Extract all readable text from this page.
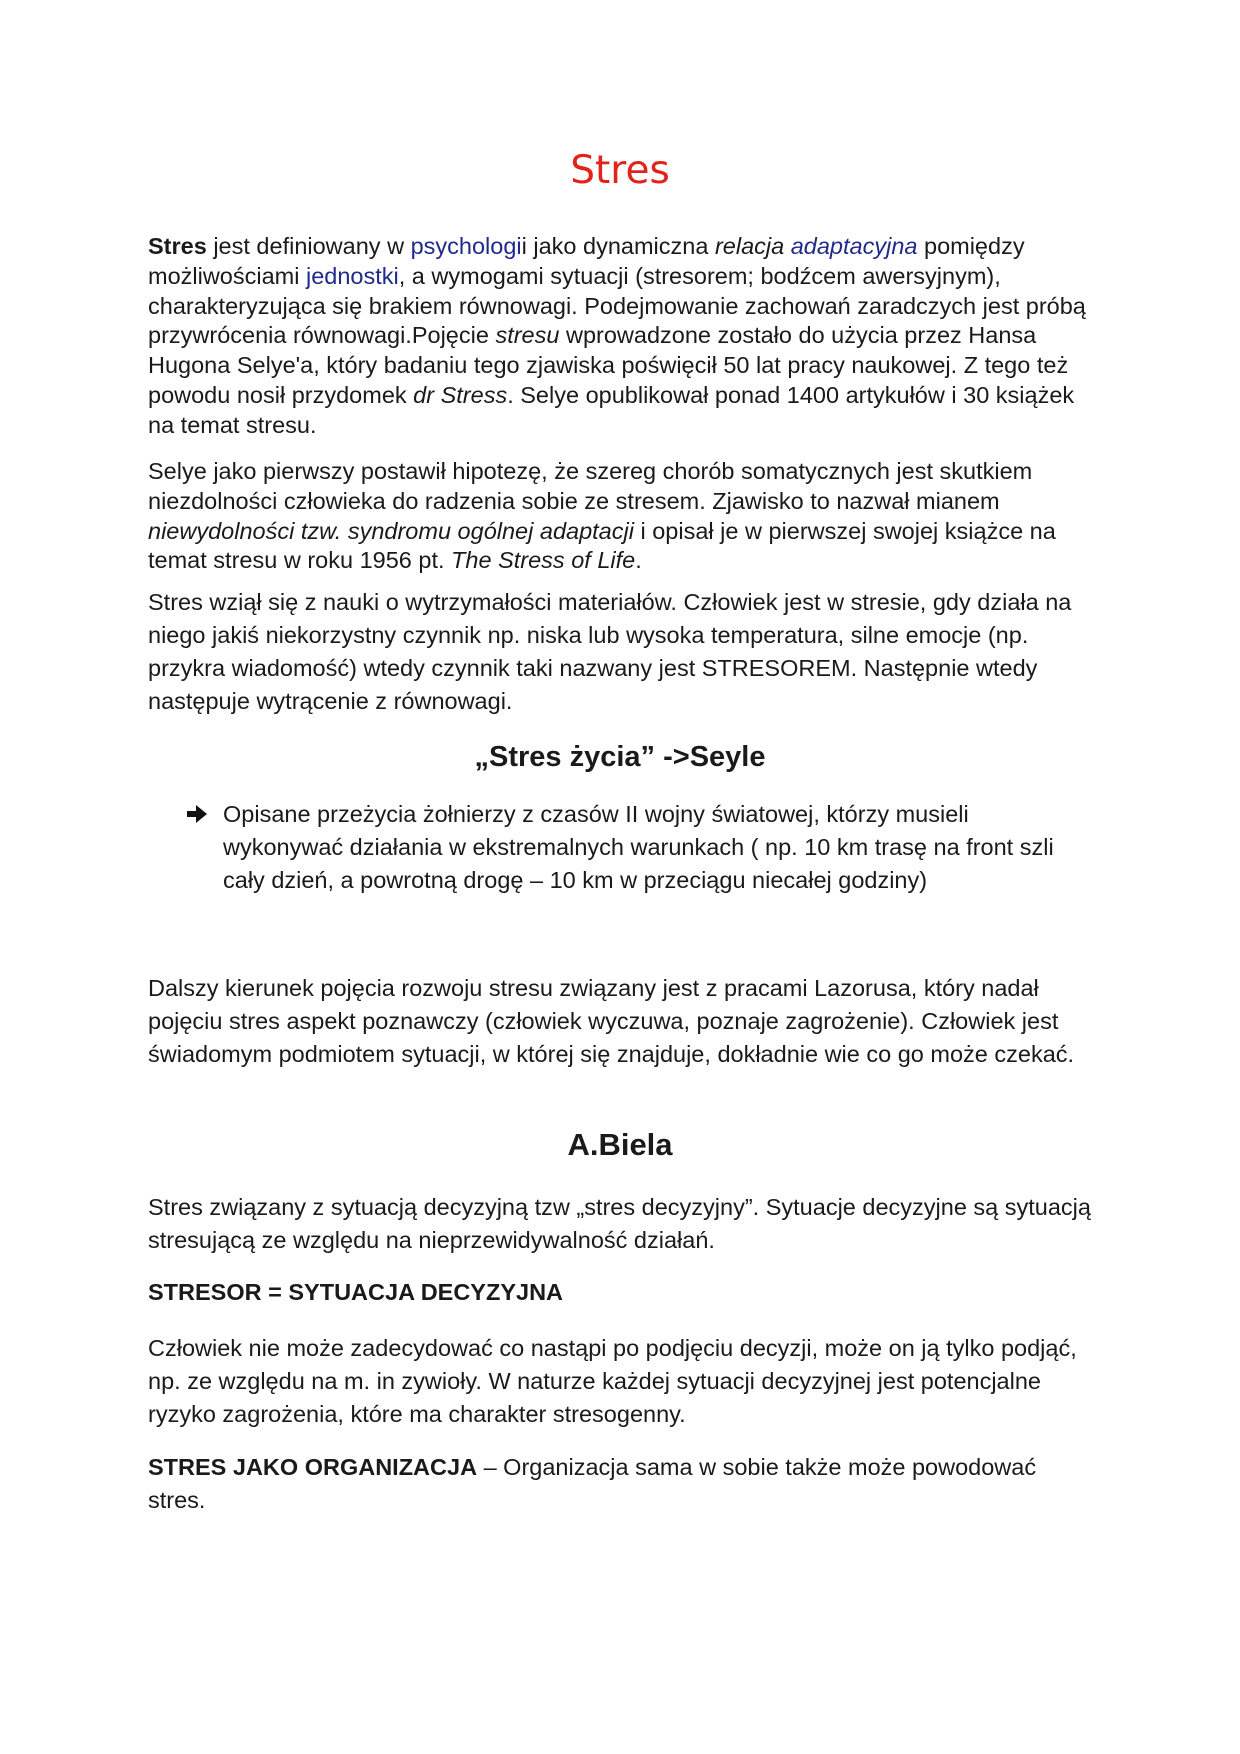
Stres
Stres jest definiowany w psychologii jako dynamiczna relacja adaptacyjna pomiędzy możliwościami jednostki, a wymogami sytuacji (stresorem; bodźcem awersyjnym), charakteryzująca się brakiem równowagi. Podejmowanie zachowań zaradczych jest próbą przywrócenia równowagi.Pojęcie stresu wprowadzone zostało do użycia przez Hansa Hugona Selye'a, który badaniu tego zjawiska poświęcił 50 lat pracy naukowej. Z tego też powodu nosił przydomek dr Stress. Selye opublikował ponad 1400 artykułów i 30 książek na temat stresu.
Selye jako pierwszy postawił hipotezę, że szereg chorób somatycznych jest skutkiem niezdolności człowieka do radzenia sobie ze stresem. Zjawisko to nazwał mianem niewydolności tzw. syndromu ogólnej adaptacji i opisał je w pierwszej swojej książce na temat stresu w roku 1956 pt. The Stress of Life.
Stres wziął się z nauki o wytrzymałości materiałów. Człowiek jest w stresie, gdy działa na niego jakiś niekorzystny czynnik np. niska lub wysoka temperatura, silne emocje (np. przykra wiadomość) wtedy czynnik taki nazwany jest STRESOREM. Następnie wtedy następuje wytrącenie z równowagi.
„Stres życia” ->Seyle
Opisane przeżycia żołnierzy z czasów II wojny światowej, którzy musieli wykonywać działania w ekstremalnych warunkach ( np. 10 km trasę na front szli cały dzień, a powrotną drogę – 10 km w przeciągu niecałej godziny)
Dalszy kierunek pojęcia rozwoju stresu związany jest z pracami Lazorusa, który nadał pojęciu stres aspekt poznawczy (człowiek wyczuwa, poznaje zagrożenie). Człowiek jest świadomym podmiotem sytuacji, w której się znajduje, dokładnie wie co go może czekać.
A.Biela
Stres związany z sytuacją decyzyjną tzw „stres decyzyjny”. Sytuacje decyzyjne są sytuacją stresującą ze względu na nieprzewidywalność działań.
STRESOR = SYTUACJA DECYZYJNA
Człowiek nie może zadecydować co nastąpi po podjęciu decyzji, może on ją tylko podjąć, np. ze względu na m. in zywioły. W naturze każdej sytuacji decyzyjnej jest potencjalne ryzyko zagrożenia, które ma charakter stresogenny.
STRES JAKO ORGANIZACJA – Organizacja sama w sobie także może powodować stres.
